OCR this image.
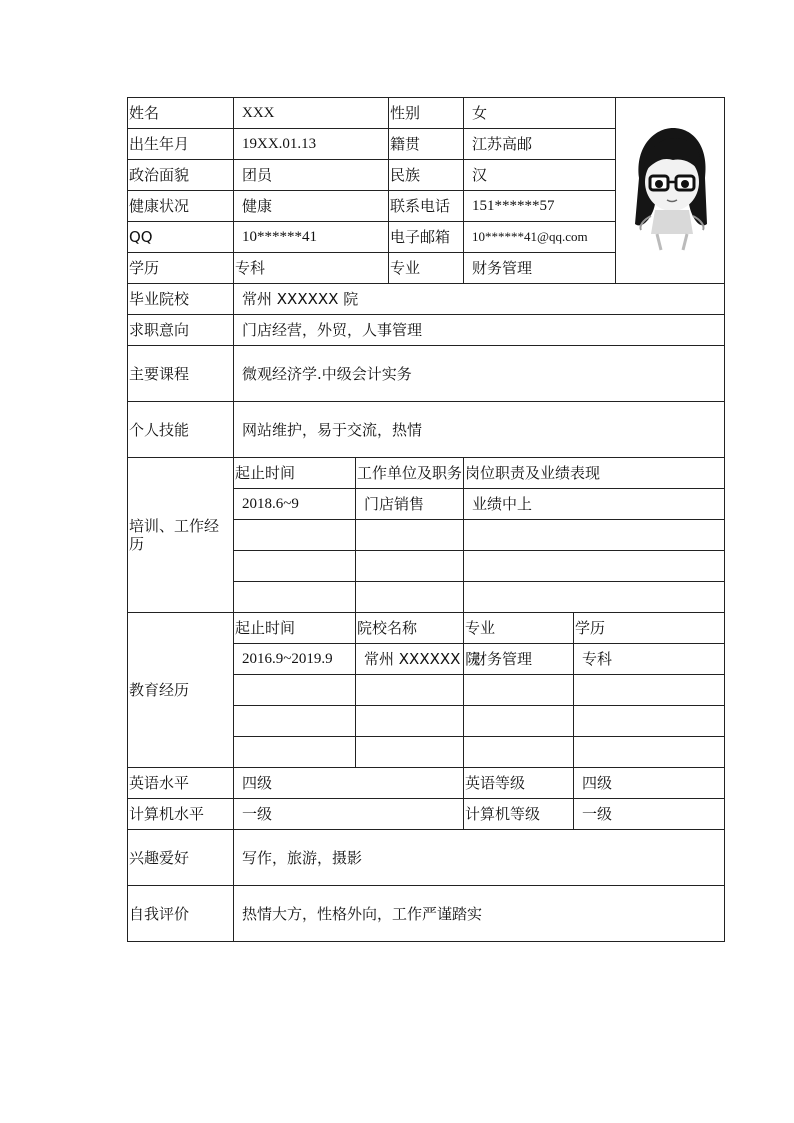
姓名	XXX		性别	女	

出生年月	19XX.01.13		籍贯	江苏高邮		
政治面貌	团员		民族	汉		
健康状况	健康		联系电话	151******57		
QQ	10******41		电子邮箱	10******41@qq.com		
学历	专科		专业	财务管理		
毕业院校	常州 XXXXXX 院					
求职意向	门店经营，外贸，人事管理					
主要课程	微观经济学.中级会计实务					
个人技能	网站维护，易于交流，热情					
培训、工作经历	起止时间	工作单位及职务		岗位职责及业绩表现		
	2018.6~9	门店销售		业绩中上		

教育经历	起止时间	院校名称		专业	学历	
	2016.9~2019.9	常州 XXXXXX 院		财务管理	专科	

英语水平	四级			英语等级	四级	
计算机水平	一级			计算机等级	一级	
兴趣爱好	写作，旅游，摄影					
自我评价	热情大方，性格外向，工作严谨踏实					
